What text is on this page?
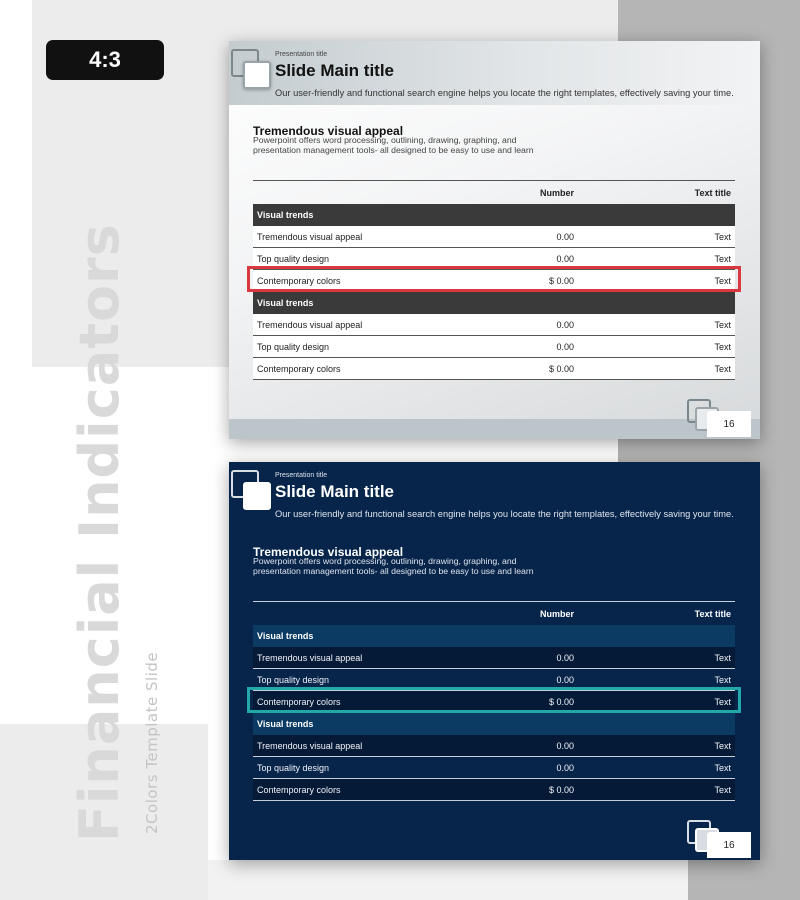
4:3
Financial Indicators 2Colors Template Slide
Presentation title
Slide Main title
Our user-friendly and functional search engine helps you locate the right templates, effectively saving your time.
Tremendous visual appeal
Powerpoint offers word processing, outlining, drawing, graphing, and presentation management tools- all designed to be easy to use and learn
Number	Text title
Visual trends
Tremendous visual appeal	0.00	Text
Top quality design	0.00	Text
Contemporary colors	$ 0.00	Text
Visual trends
Tremendous visual appeal	0.00	Text
Top quality design	0.00	Text
Contemporary colors	$ 0.00	Text
16
Presentation title
Slide Main title
Our user-friendly and functional search engine helps you locate the right templates, effectively saving your time.
Tremendous visual appeal
Powerpoint offers word processing, outlining, drawing, graphing, and presentation management tools- all designed to be easy to use and learn
Number	Text title
Visual trends
Tremendous visual appeal	0.00	Text
Top quality design	0.00	Text
Contemporary colors	$ 0.00	Text
Visual trends
Tremendous visual appeal	0.00	Text
Top quality design	0.00	Text
Contemporary colors	$ 0.00	Text
16
